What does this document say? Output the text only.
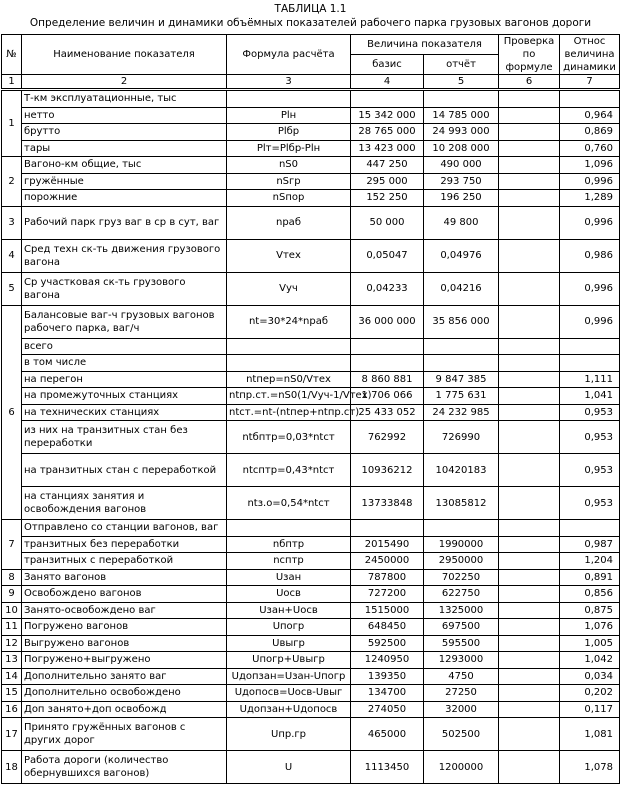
ТАБЛИЦА 1.1
Определение величин и динамики объёмных показателей рабочего парка грузовых вагонов дороги
№	Наименование показателя	Формула расчёта	Величина показателя		Проверка по формуле	Относ величина динамики

			базис	отчёт		
1	2	3	4	5	6	7
1	Т-км эксплуатационные, тыс					
	нетто	Plн	15 342 000	14 785 000		0,964
	брутто	Plбр	28 765 000	24 993 000		0,869
	тары	Plт=Plбр-Plн	13 423 000	10 208 000		0,760
2	Вагоно-км общие, тыс	nS0	447 250	490 000		1,096
	гружённые	nSгр	295 000	293 750		0,996
	порожние	nSпор	152 250	196 250		1,289
3	Рабочий парк груз ваг в ср в сут, ваг	nраб	50 000	49 800		0,996
4	Сред техн ск-ть движения грузового вагона	Vтех	0,05047	0,04976		0,986
5	Ср участковая ск-ть грузового вагона	Vуч	0,04233	0,04216		0,996
6	Балансовые ваг-ч грузовых вагонов рабочего парка, ваг/ч	nt=30*24*nраб	36 000 000	35 856 000		0,996
	всего					
	в том числе					
	на перегон	ntпер=nS0/Vтех	8 860 881	9 847 385		1,111
	на промежуточных станциях	ntпр.ст.=nS0(1/Vуч-1/Vтех)	1 706 066	1 775 631		1,041
	на технических станциях	ntст.=nt-(ntпер+ntпр.ст)	25 433 052	24 232 985		0,953
	из них на транзитных стан без переработки	ntбптр=0,03*ntст	762992	726990		0,953
	на транзитных стан с переработкой	ntсптр=0,43*ntст	10936212	10420183		0,953
	на станциях занятия и освобождения вагонов	ntз.о=0,54*ntст	13733848	13085812		0,953
7	Отправлено со станции вагонов, ваг					
	транзитных без переработки	nбптр	2015490	1990000		0,987
	транзитных с переработкой	nсптр	2450000	2950000		1,204
8	Занято вагонов	Uзан	787800	702250		0,891
9	Освобождено вагонов	Uосв	727200	622750		0,856
10	Занято-освобождено ваг	Uзан+Uосв	1515000	1325000		0,875
11	Погружено вагонов	Uпогр	648450	697500		1,076
12	Выгружено вагонов	Uвыгр	592500	595500		1,005
13	Погружено+выгружено	Uпогр+Uвыгр	1240950	1293000		1,042
14	Дополнительно занято ваг	Uдопзан=Uзан-Uпогр	139350	4750		0,034
15	Дополнительно освобождено	Uдопосв=Uосв-Uвыг	134700	27250		0,202
16	Доп занято+доп освобожд	Uдопзан+Uдопосв	274050	32000		0,117
17	Принято гружённых вагонов с других дорог	Uпр.гр	465000	502500		1,081
18	Работа дороги (количество обернувшихся вагонов)	U	1113450	1200000		1,078
